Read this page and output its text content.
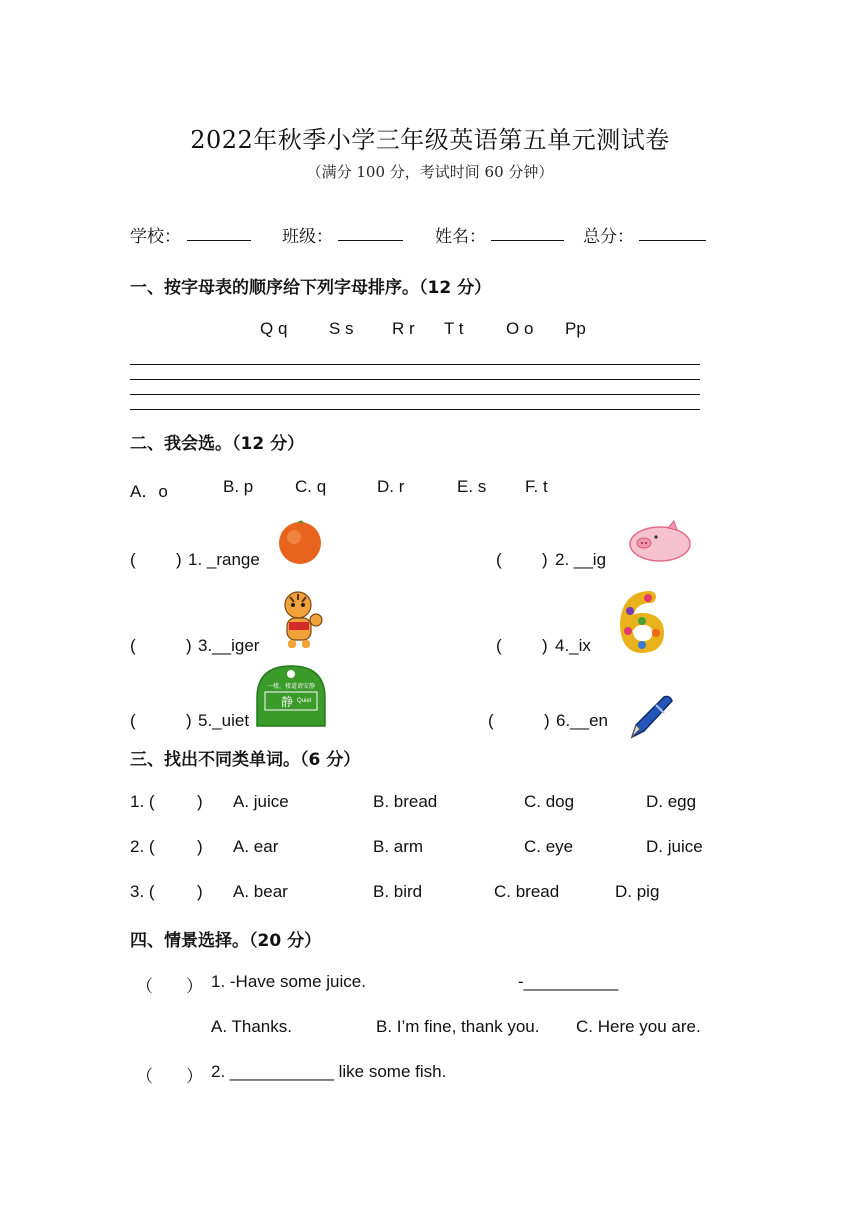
2022年秋季小学三年级英语第五单元测试卷
（满分 100 分，考试时间 60 分钟）
学校：	班级：	姓名：	总分：
一、按字母表的顺序给下列字母排序。（12 分）
Q q S s R r T t O o Pp
二、我会选。（12 分）
A．o	B. p C. q	D. r	E. s F. t
( ) 1. _range	( ) 2. __ig
(	) 3.__iger	( ) 4._ix
(	) 5._uiet
一楼，楼道请安静
静 Quiet
(	) 6.__en
三、找出不同类单词。（6 分）
1. ( ) A. juice	B. bread	C. dog	D. egg
2. ( ) A. ear	B. arm	C. eye	D. juice
3. ( ) A. bear	B. bird	C. bread	D. pig
四、情景选择。（20 分）
（ ） 1. -Have some juice.	-__________
A. Thanks.	B. I’m fine, thank you. C. Here you are.
（ ） 2. ___________ like some fish.
